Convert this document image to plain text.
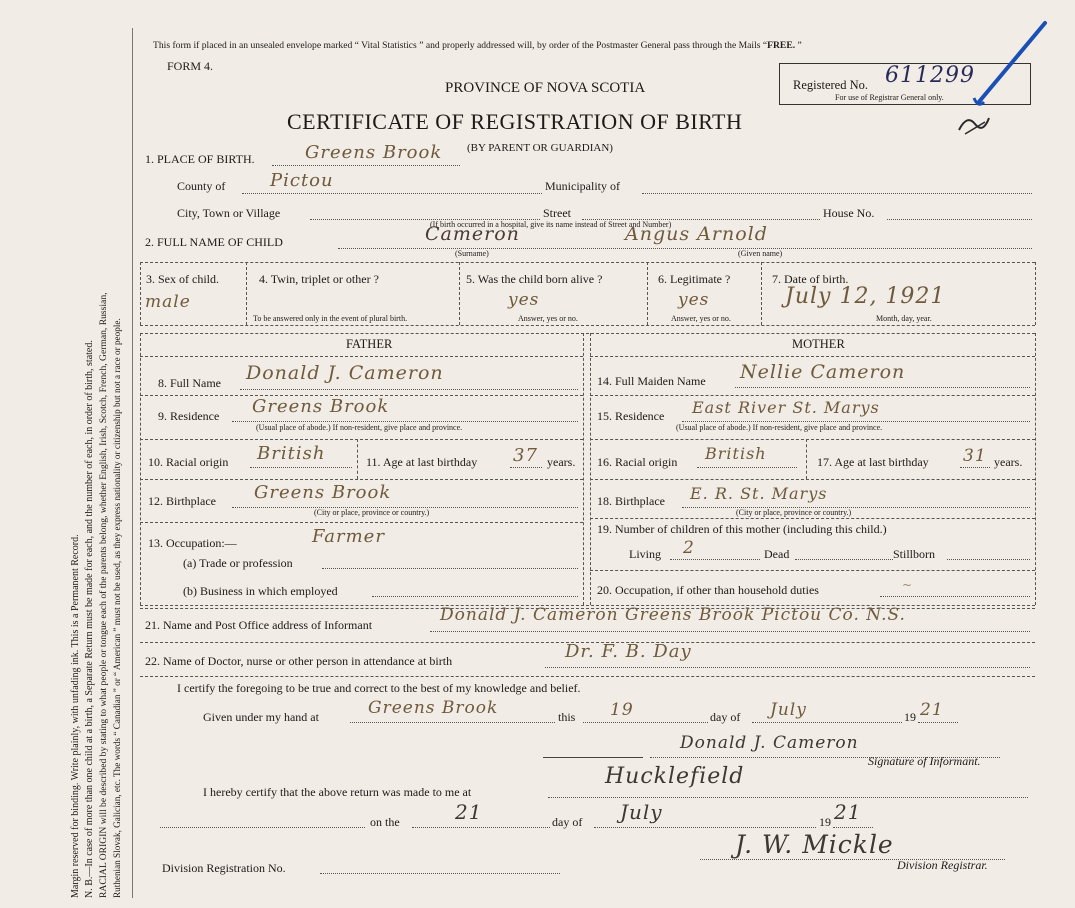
Margin reserved for binding. Write plainly, with unfading ink. This is a Permanent Record. N. B.—In case of more than one child at a birth, a Separate Return must be made for each, and the number of each, in order of birth, stated. RACIAL ORIGIN will be described by stating to what people or tongue each of the parents belong, whether English, Irish, Scotch, French, German, Russian, Ruthenian Slovak, Galician, etc. The words “ Canadian ” or “ American ” must not be used, as they express nationality or citizenship but not a race or people.
This form if placed in an unsealed envelope marked “ Vital Statistics ” and properly addressed will, by order of the Postmaster General pass through the Mails “FREE. ”
FORM 4.
PROVINCE OF NOVA SCOTIA
CERTIFICATE OF REGISTRATION OF BIRTH
Registered No. 611299
For use of Registrar General only.
1. PLACE OF BIRTH.	Greens Brook (BY PARENT OR GUARDIAN)
County of Pictou	Municipality of
City, Town or Village	Street	House No.
(If birth occurred in a hospital, give its name instead of Street and Number)
2. FULL NAME OF CHILD	Cameron	Angus Arnold
(Surname)	(Given name)
3. Sex of child.
male
4. Twin, triplet or other ?
To be answered only in the event of plural birth.
5. Was the child born alive ?
yes
Answer, yes or no.
6. Legitimate ?
yes
Answer, yes or no.
7. Date of birth.
July 12, 1921
Month, day, year.
FATHER	MOTHER
8. Full Name Donald J. Cameron
9. Residence Greens Brook
(Usual place of abode.) If non-resident, give place and province.
10. Racial origin British	11. Age at last birthday 37 years.
12. Birthplace Greens Brook
(City or place, province or country.)
13. Occupation:—	Farmer
(a) Trade or profession
(b) Business in which employed
14. Full Maiden Name Nellie Cameron
15. Residence East River St. Marys
(Usual place of abode.) If non-resident, give place and province.
16. Racial origin British	17. Age at last birthday 31 years.
18. Birthplace E. R. St. Marys
(City or place, province or country.)
19. Number of children of this mother (including this child.)
Living 2	Dead	Stillborn
20. Occupation, if other than household duties	~
21. Name and Post Office address of Informant	Donald J. Cameron Greens Brook Pictou Co. N.S.
22. Name of Doctor, nurse or other person in attendance at birth	Dr. F. B. Day
I certify the foregoing to be true and correct to the best of my knowledge and belief.
Given under my hand at	Greens Brook	this 19	day of July	19 21
Donald J. Cameron
Signature of Informant.
I hereby certify that the above return was made to me at
Hucklefield
on the	21	day of July	19 21
Division Registration No.
J. W. Mickle
Division Registrar.
